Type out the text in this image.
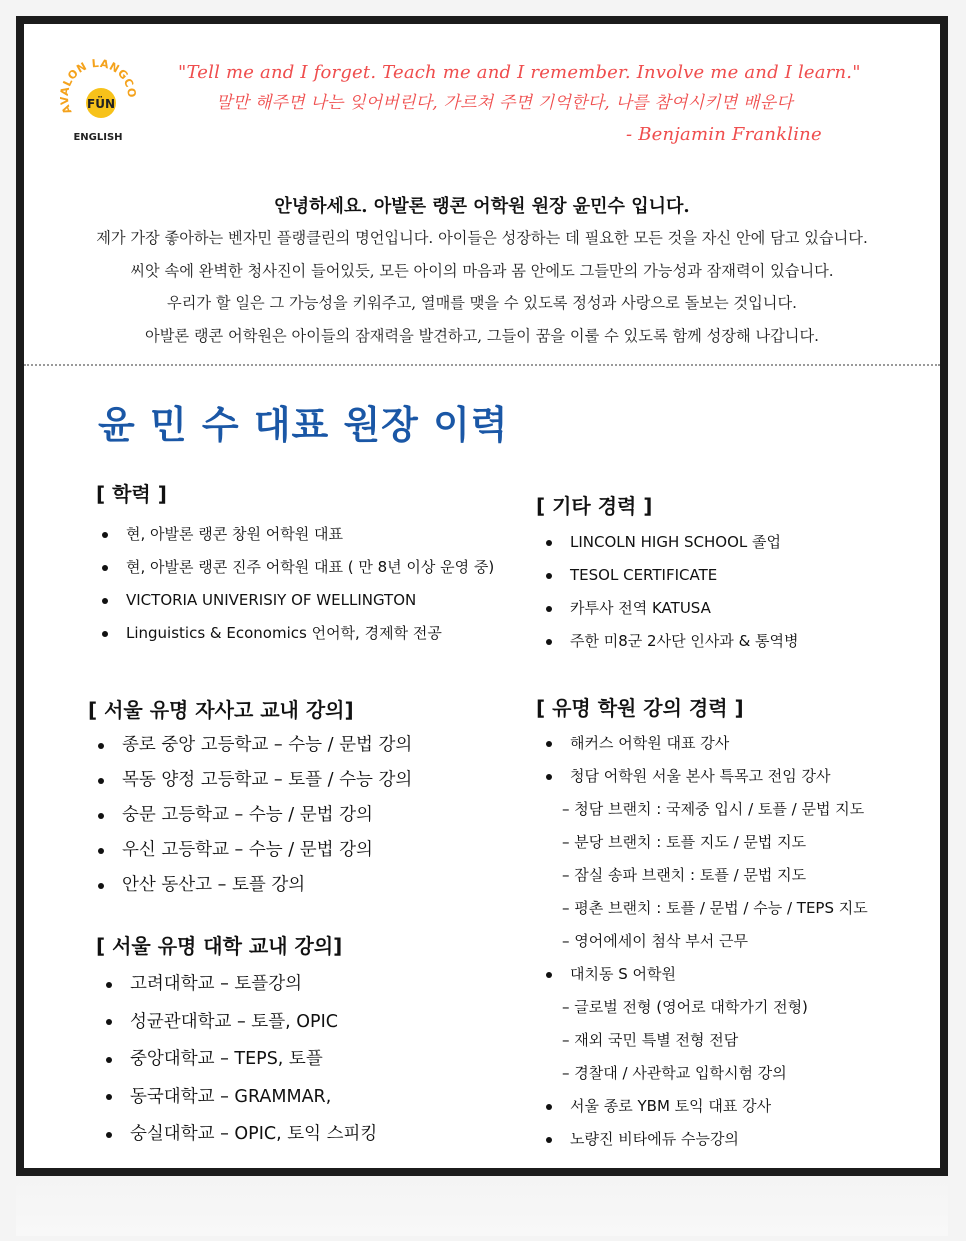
A LON LANGCO
FÜN
ENGLISH
"Tell me and I forget. Teach me and I remember. Involve me and I learn."
말만 해주면 나는 잊어버린다, 가르쳐 주면 기억한다, 나를 참여시키면 배운다
- Benjamin Frankline
안녕하세요. 아발론 랭콘 어학원 원장 윤민수 입니다.
제가 가장 좋아하는 벤자민 플랭클린의 명언입니다. 아이들은 성장하는 데 필요한 모든 것을 자신 안에 담고 있습니다.
씨앗 속에 완벽한 청사진이 들어있듯, 모든 아이의 마음과 몸 안에도 그들만의 가능성과 잠재력이 있습니다.
우리가 할 일은 그 가능성을 키워주고, 열매를 맺을 수 있도록 정성과 사랑으로 돌보는 것입니다.
아발론 랭콘 어학원은 아이들의 잠재력을 발견하고, 그들이 꿈을 이룰 수 있도록 함께 성장해 나갑니다.
윤 민 수 대표 원장 이력
[ 학력 ]
현, 아발론 랭콘 창원 어학원 대표
현, 아발론 랭콘 진주 어학원 대표 ( 만 8년 이상 운영 중)
VICTORIA UNIVERISIY OF WELLINGTON
Linguistics & Economics 언어학, 경제학 전공
[ 기타 경력 ]
LINCOLN HIGH SCHOOL 졸업
TESOL CERTIFICATE
카투사 전역 KATUSA
주한 미8군 2사단 인사과 & 통역병
[ 서울 유명 자사고 교내 강의]
종로 중앙 고등학교 – 수능 / 문법 강의
목동 양정 고등학교 – 토플 / 수능 강의
숭문 고등학교 – 수능 / 문법 강의
우신 고등학교 – 수능 / 문법 강의
안산 동산고 – 토플 강의
[ 서울 유명 대학 교내 강의]
고려대학교 – 토플강의
성균관대학교 – 토플, OPIC
중앙대학교 – TEPS, 토플
동국대학교 – GRAMMAR,
숭실대학교 – OPIC, 토익 스피킹
[ 유명 학원 강의 경력 ]
해커스 어학원 대표 강사
청담 어학원 서울 본사 특목고 전임 강사
– 청담 브랜치 : 국제중 입시 / 토플 / 문법 지도
– 분당 브랜치 : 토플 지도 / 문법 지도
– 잠실 송파 브랜치 : 토플 / 문법 지도
– 평촌 브랜치 : 토플 / 문법 / 수능 / TEPS 지도
– 영어에세이 첨삭 부서 근무
대치동 S 어학원
– 글로벌 전형 (영어로 대학가기 전형)
– 재외 국민 특별 전형 전담
– 경찰대 / 사관학교 입학시험 강의
서울 종로 YBM 토익 대표 강사
노량진 비타에듀 수능강의
